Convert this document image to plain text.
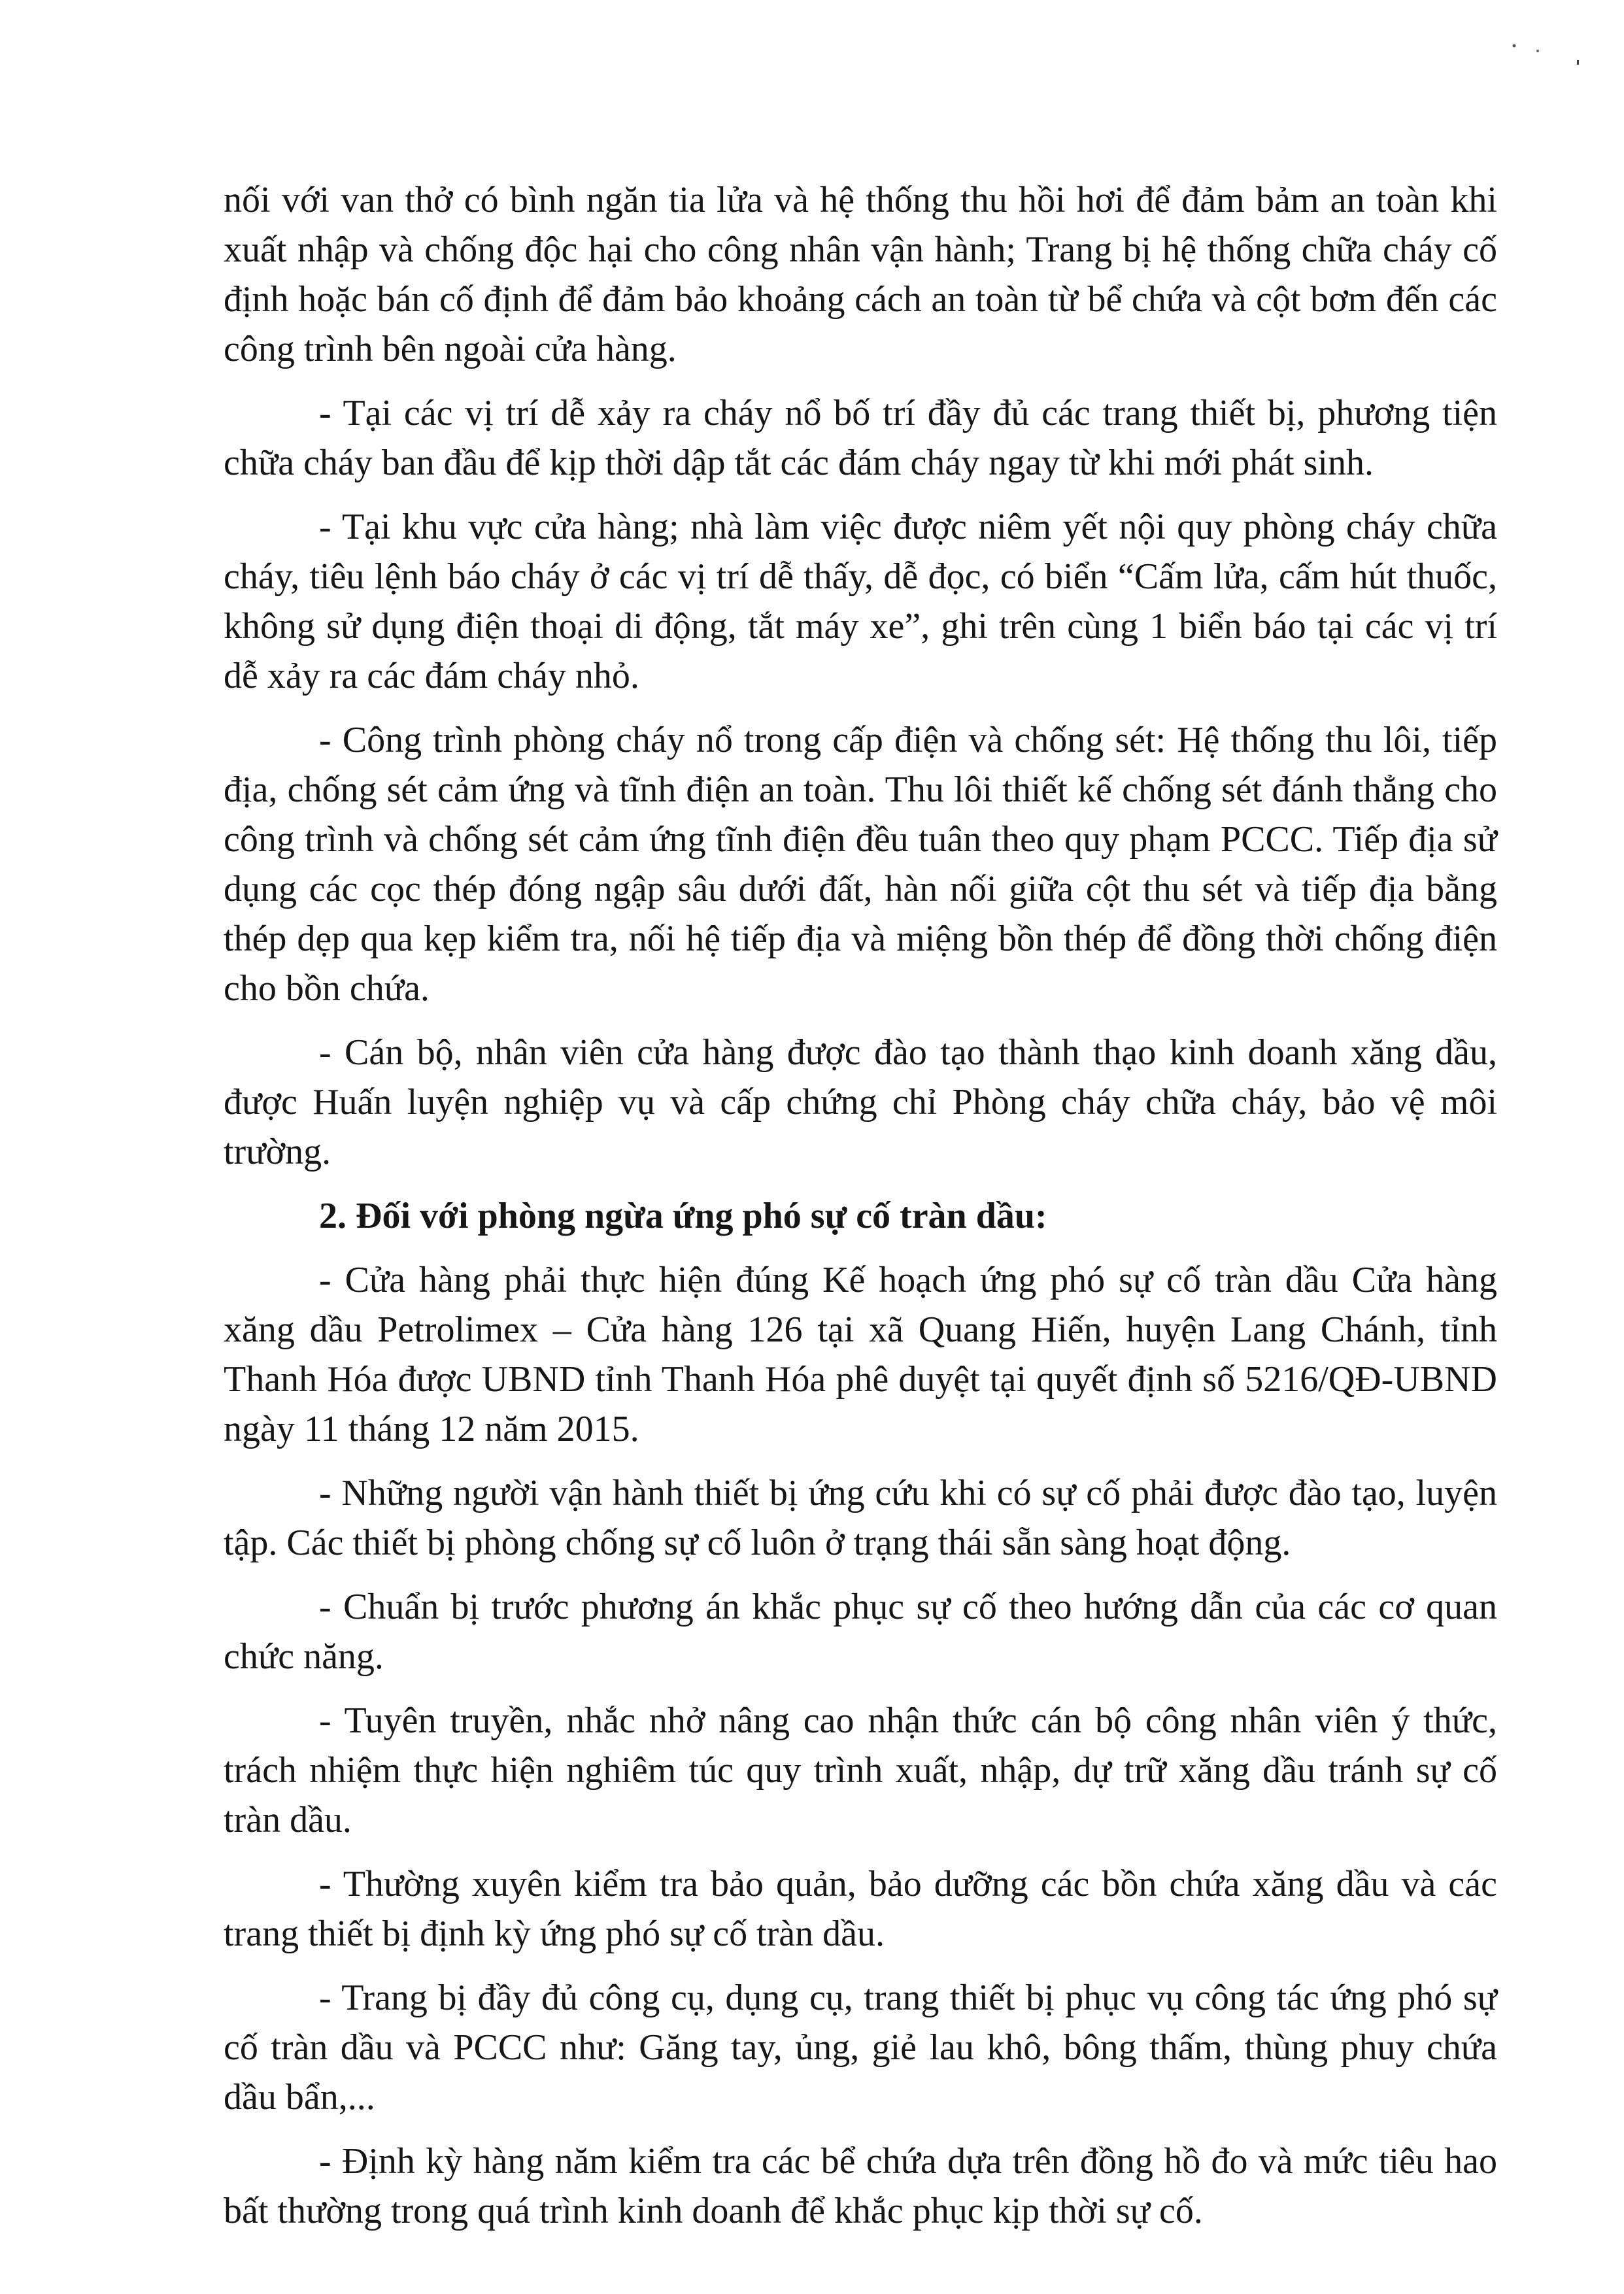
nối với van thở có bình ngăn tia lửa và hệ thống thu hồi hơi để đảm bảm an toàn khi xuất nhập và chống độc hại cho công nhân vận hành; Trang bị hệ thống chữa cháy cố định hoặc bán cố định để đảm bảo khoảng cách an toàn từ bể chứa và cột bơm đến các công trình bên ngoài cửa hàng.

- Tại các vị trí dễ xảy ra cháy nổ bố trí đầy đủ các trang thiết bị, phương tiện chữa cháy ban đầu để kịp thời dập tắt các đám cháy ngay từ khi mới phát sinh.

- Tại khu vực cửa hàng; nhà làm việc được niêm yết nội quy phòng cháy chữa cháy, tiêu lệnh báo cháy ở các vị trí dễ thấy, dễ đọc, có biển “Cấm lửa, cấm hút thuốc, không sử dụng điện thoại di động, tắt máy xe”, ghi trên cùng 1 biển báo tại các vị trí dễ xảy ra các đám cháy nhỏ.

- Công trình phòng cháy nổ trong cấp điện và chống sét: Hệ thống thu lôi, tiếp địa, chống sét cảm ứng và tĩnh điện an toàn. Thu lôi thiết kế chống sét đánh thẳng cho công trình và chống sét cảm ứng tĩnh điện đều tuân theo quy phạm PCCC. Tiếp địa sử dụng các cọc thép đóng ngập sâu dưới đất, hàn nối giữa cột thu sét và tiếp địa bằng thép dẹp qua kẹp kiểm tra, nối hệ tiếp địa và miệng bồn thép để đồng thời chống điện cho bồn chứa.

- Cán bộ, nhân viên cửa hàng được đào tạo thành thạo kinh doanh xăng dầu, được Huấn luyện nghiệp vụ và cấp chứng chỉ Phòng cháy chữa cháy, bảo vệ môi trường.

2. Đối với phòng ngừa ứng phó sự cố tràn dầu:

- Cửa hàng phải thực hiện đúng Kế hoạch ứng phó sự cố tràn dầu Cửa hàng xăng dầu Petrolimex – Cửa hàng 126 tại xã Quang Hiến, huyện Lang Chánh, tỉnh Thanh Hóa được UBND tỉnh Thanh Hóa phê duyệt tại quyết định số 5216/QĐ-UBND ngày 11 tháng 12 năm 2015.

- Những người vận hành thiết bị ứng cứu khi có sự cố phải được đào tạo, luyện tập. Các thiết bị phòng chống sự cố luôn ở trạng thái sẵn sàng hoạt động.

- Chuẩn bị trước phương án khắc phục sự cố theo hướng dẫn của các cơ quan chức năng.

- Tuyên truyền, nhắc nhở nâng cao nhận thức cán bộ công nhân viên ý thức, trách nhiệm thực hiện nghiêm túc quy trình xuất, nhập, dự trữ xăng dầu tránh sự cố tràn dầu.

- Thường xuyên kiểm tra bảo quản, bảo dưỡng các bồn chứa xăng dầu và các trang thiết bị định kỳ ứng phó sự cố tràn dầu.

- Trang bị đầy đủ công cụ, dụng cụ, trang thiết bị phục vụ công tác ứng phó sự cố tràn dầu và PCCC như: Găng tay, ủng, giẻ lau khô, bông thấm, thùng phuy chứa dầu bẩn,...

- Định kỳ hàng năm kiểm tra các bể chứa dựa trên đồng hồ đo và mức tiêu hao bất thường trong quá trình kinh doanh để khắc phục kịp thời sự cố.
